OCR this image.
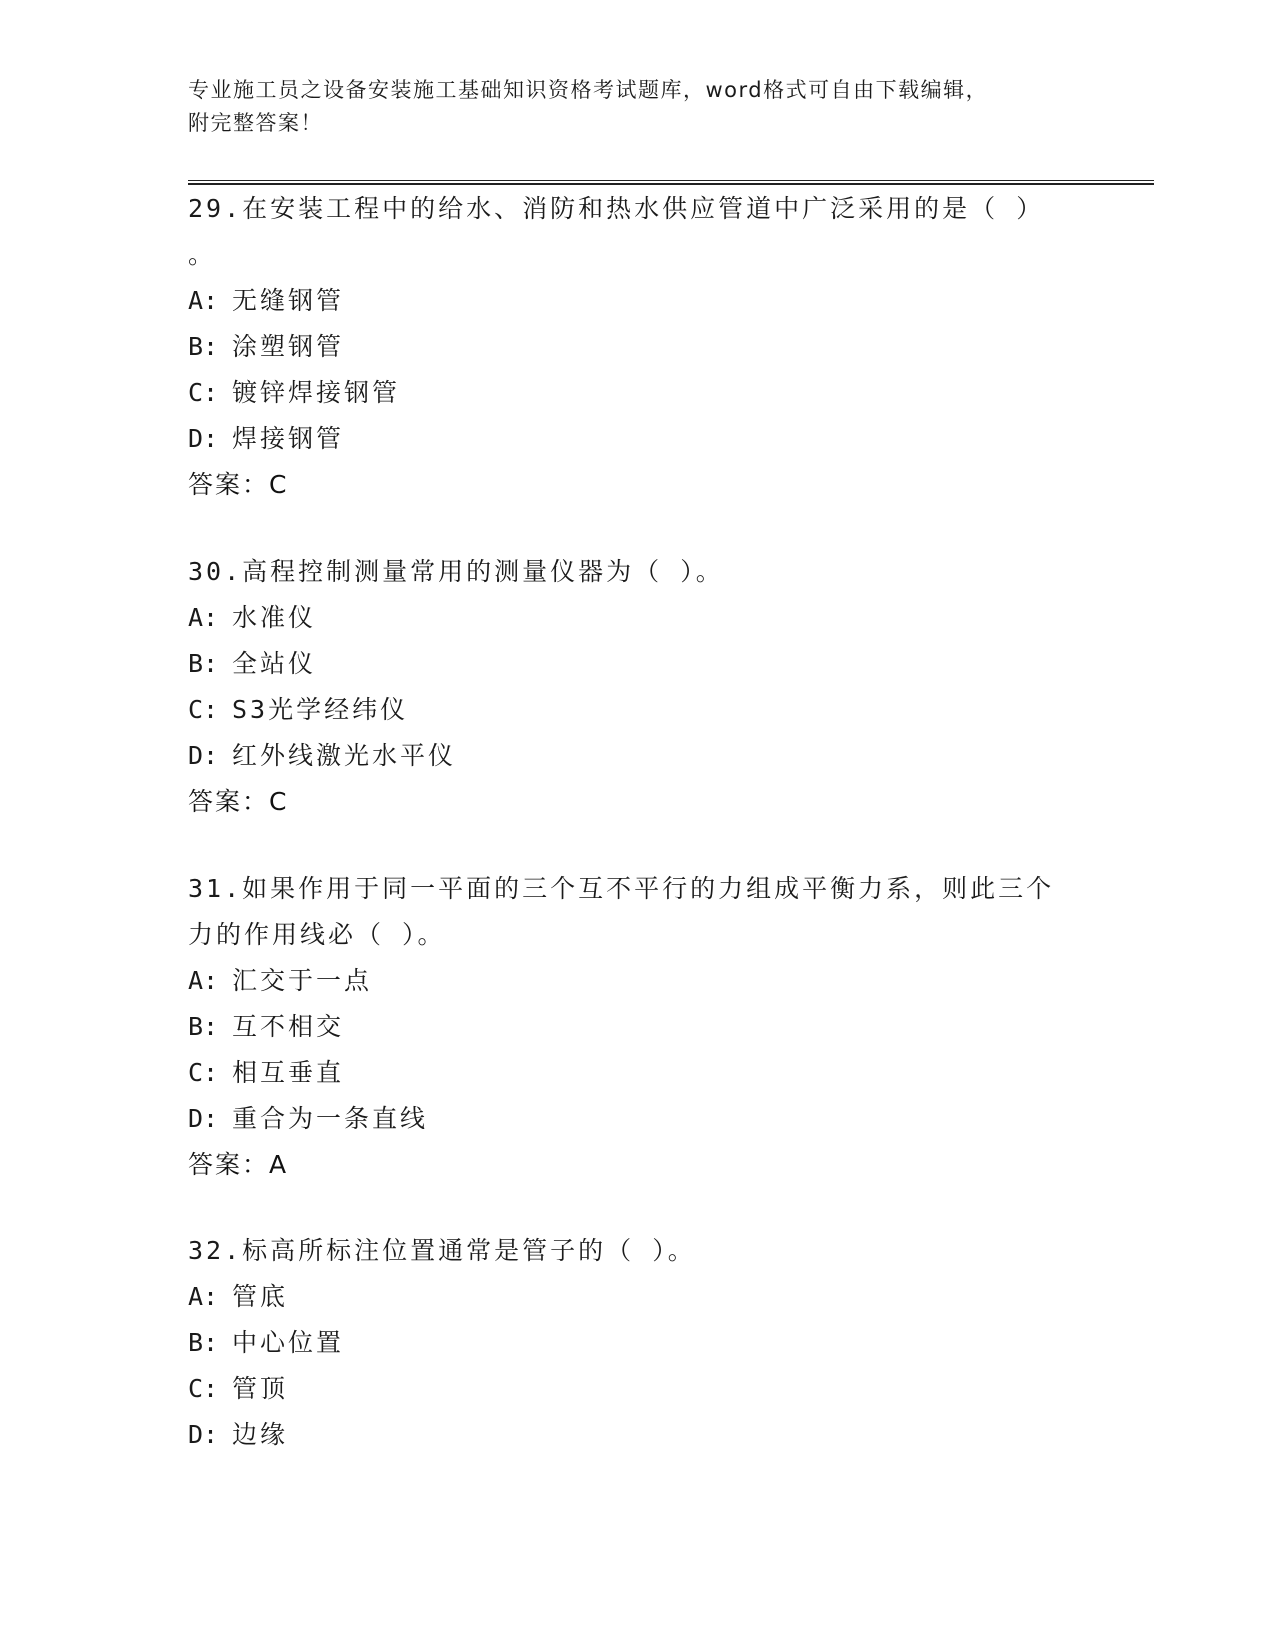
专业施工员之设备安装施工基础知识资格考试题库，word格式可自由下载编辑，
附完整答案！
29.在安装工程中的给水、消防和热水供应管道中广泛采用的是（ ）
。
A: 无缝钢管
B: 涂塑钢管
C: 镀锌焊接钢管
D: 焊接钢管
答案：C
30.高程控制测量常用的测量仪器为（ ）。
A: 水准仪
B: 全站仪
C: S3光学经纬仪
D: 红外线激光水平仪
答案：C
31.如果作用于同一平面的三个互不平行的力组成平衡力系，则此三个
力的作用线必（ ）。
A: 汇交于一点
B: 互不相交
C: 相互垂直
D: 重合为一条直线
答案：A
32.标高所标注位置通常是管子的（ ）。
A: 管底
B: 中心位置
C: 管顶
D: 边缘
